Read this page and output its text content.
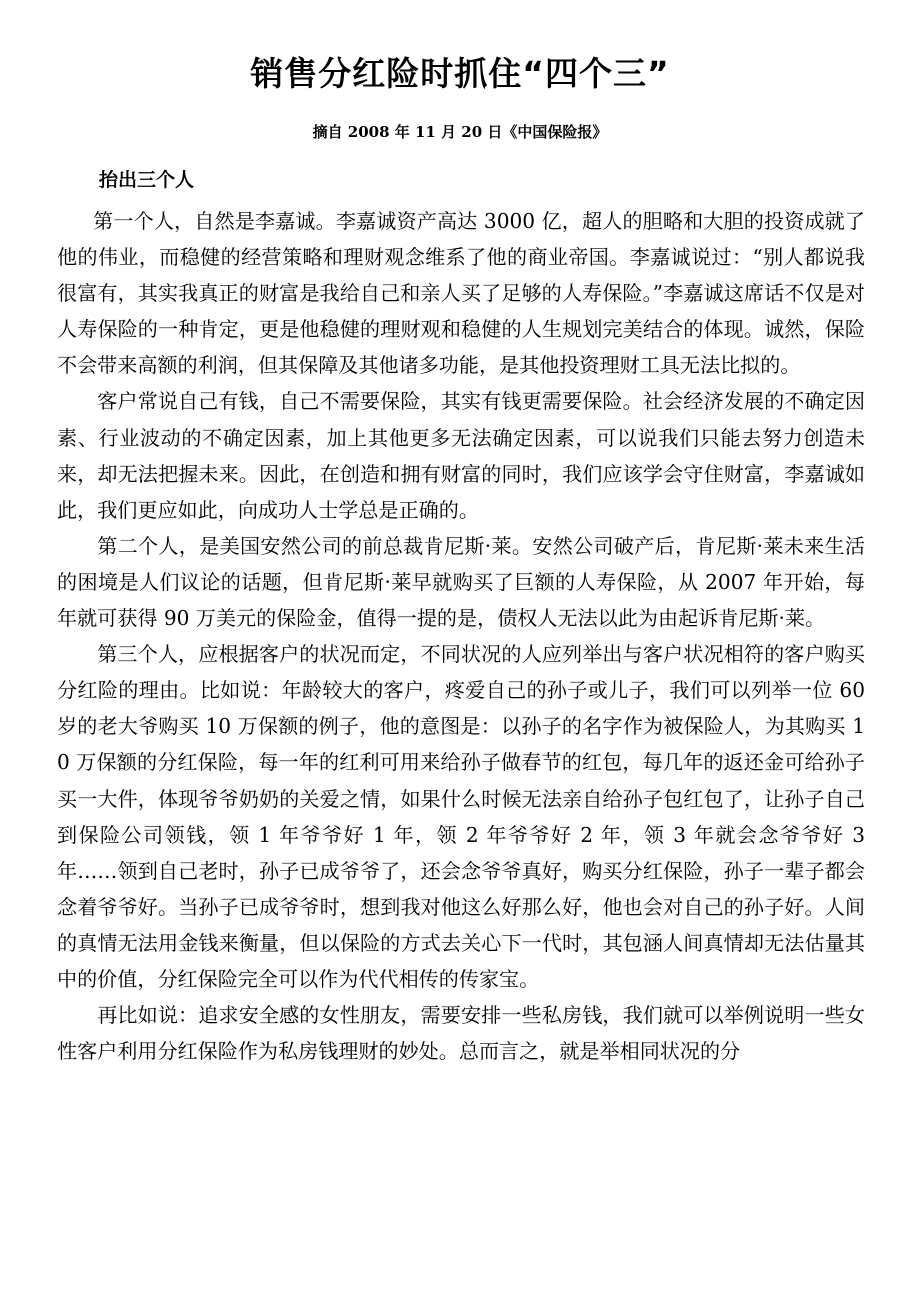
销售分红险时抓住“四个三”

摘自 2008 年 11 月 20 日《中国保险报》

抬出三个人

第一个人，自然是李嘉诚。李嘉诚资产高达 3000 亿，超人的胆略和大胆的投资成就了他的伟业，而稳健的经营策略和理财观念维系了他的商业帝国。李嘉诚说过：“别人都说我很富有，其实我真正的财富是我给自己和亲人买了足够的人寿保险。”李嘉诚这席话不仅是对人寿保险的一种肯定，更是他稳健的理财观和稳健的人生规划完美结合的体现。诚然，保险不会带来高额的利润，但其保障及其他诸多功能，是其他投资理财工具无法比拟的。

客户常说自己有钱，自己不需要保险，其实有钱更需要保险。社会经济发展的不确定因素、行业波动的不确定因素，加上其他更多无法确定因素，可以说我们只能去努力创造未来，却无法把握未来。因此，在创造和拥有财富的同时，我们应该学会守住财富，李嘉诚如此，我们更应如此，向成功人士学总是正确的。

第二个人，是美国安然公司的前总裁肯尼斯·莱。安然公司破产后，肯尼斯·莱未来生活的困境是人们议论的话题，但肯尼斯·莱早就购买了巨额的人寿保险，从 2007 年开始，每年就可获得 90 万美元的保险金，值得一提的是，债权人无法以此为由起诉肯尼斯·莱。

第三个人，应根据客户的状况而定，不同状况的人应列举出与客户状况相符的客户购买分红险的理由。比如说：年龄较大的客户，疼爱自己的孙子或儿子，我们可以列举一位 60 岁的老大爷购买 10 万保额的例子，他的意图是：以孙子的名字作为被保险人，为其购买 10 万保额的分红保险，每一年的红利可用来给孙子做春节的红包，每几年的返还金可给孙子买一大件，体现爷爷奶奶的关爱之情，如果什么时候无法亲自给孙子包红包了，让孙子自己到保险公司领钱，领 1 年爷爷好 1 年，领 2 年爷爷好 2 年，领 3 年就会念爷爷好 3 年……领到自己老时，孙子已成爷爷了，还会念爷爷真好，购买分红保险，孙子一辈子都会念着爷爷好。当孙子已成爷爷时，想到我对他这么好那么好，他也会对自己的孙子好。人间的真情无法用金钱来衡量，但以保险的方式去关心下一代时，其包涵人间真情却无法估量其中的价值，分红保险完全可以作为代代相传的传家宝。

再比如说：追求安全感的女性朋友，需要安排一些私房钱，我们就可以举例说明一些女性客户利用分红保险作为私房钱理财的妙处。总而言之，就是举相同状况的分
